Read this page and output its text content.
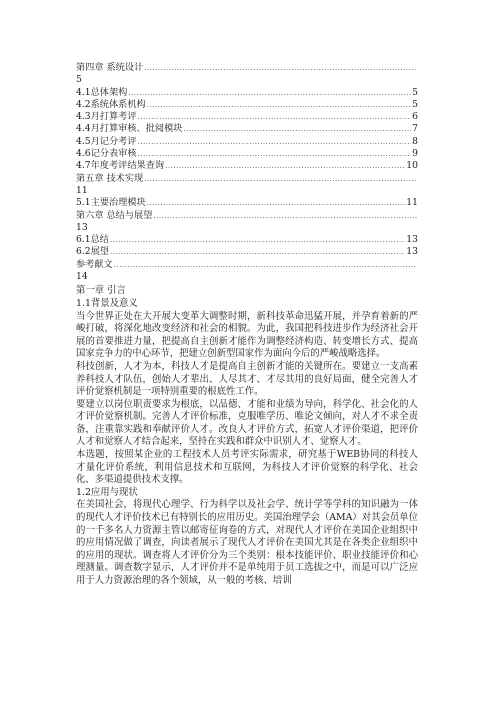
第四章 系统设计
.....
5
4.1总体架构 .....	5
4.2系统体系机构 .....	5
4.3月打算考评 .....	6
4.4月打算审核、批阅模块 .....	7
4.5月记分考评 .....	8
4.6记分表审核 .....	9
4.7年度考评结果查询 .....	10
第五章 技术实现
.....
11
5.1主要治理模块 .....	11
第六章 总结与展望
.....
13
6.1总结 .....	13
6.2展望 .....	13
参考献文
.....
14
第一章 引言
1.1背景及意义

当今世界正处在大开展大变革大调整时期，新科技革命迅猛开展，并孕育着新的严峻打破，将深化地改变经济和社会的相貌。为此，我国把科技进步作为经济社会开展的首要推进力量，把提高自主创新才能作为调整经济构造、转变增长方式、提高国家竞争力的中心环节，把建立创新型国家作为面向今后的严峻战略选择。

科技创新，人才为本，科技人才是提高自主创新才能的关键所在。要建立一支高素养科技人才队伍，创始人才辈出、人尽其才、才尽其用的良好局面，健全完善人才评价觉察机制是一项特别重要的根底性工作。

要建立以岗位职责要求为根底，以品德、才能和业绩为导向，科学化、社会化的人才评价觉察机制。完善人才评价标准，克服唯学历、唯论文倾向，对人才不求全责备，注重靠实践和奉献评价人才。改良人才评价方式，拓宽人才评价渠道，把评价人才和觉察人才结合起来，坚持在实践和群众中识别人才、觉察人才。

本选题，按照某企业的工程技术人员考评实际需求，研究基于WEB协同的科技人才量化评价系统，利用信息技术和互联网，为科技人才评价觉察的科学化、社会化、多渠道提供技术支撑。

1.2应用与现状

在美国社会，将现代心理学、行为科学以及社会学、统计学等学科的知识融为一体的现代人才评价技术已有特别长的应用历史。美国治理学会（AMA）对其会员单位的一千多名人力资源主管以邮寄征询卷的方式，对现代人才评价在美国企业组织中的应用情况做了调查，向读者展示了现代人才评价在美国尤其是在各类企业组织中的应用的现状。调查将人才评价分为三个类别：根本技能评价、职业技能评价和心理测量。调查数字显示，人才评价并不是单纯用于员工选拔之中，而是可以广泛应用于人力资源治理的各个领域，从一般的考核、培训
